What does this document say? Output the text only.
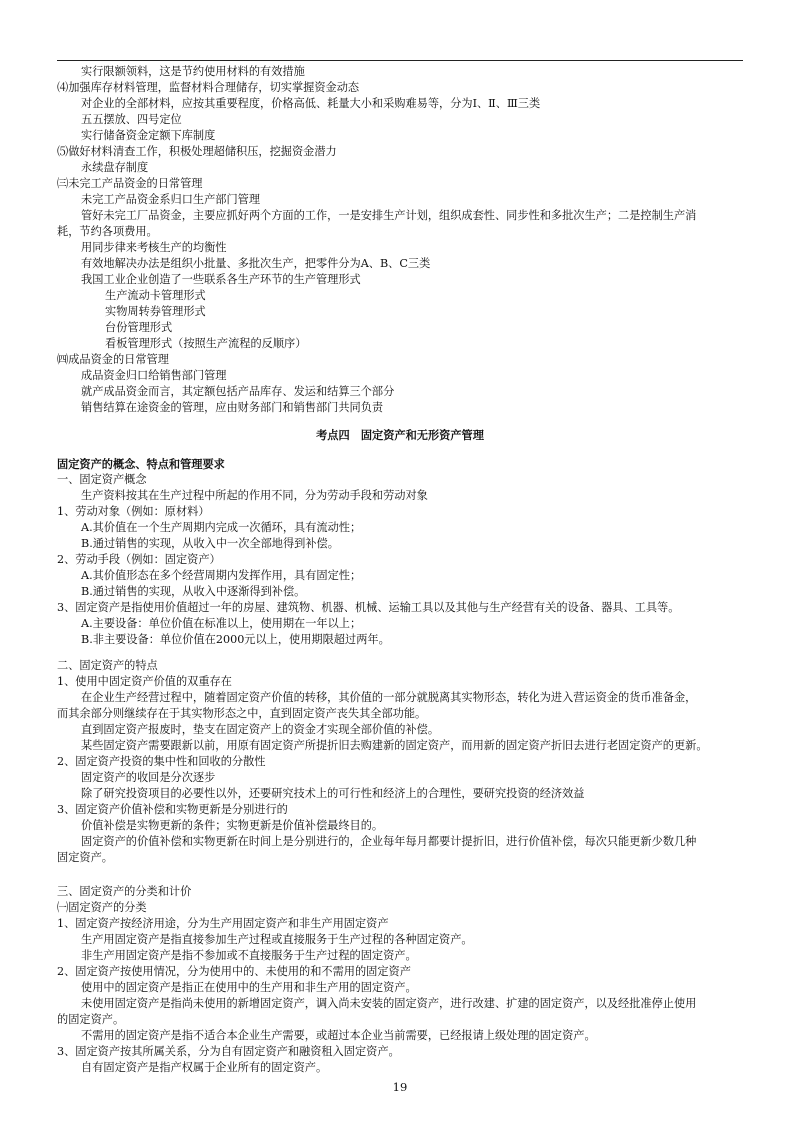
实行限额领料，这是节约使用材料的有效措施
⑷加强库存材料管理，监督材料合理储存，切实掌握资金动态
对企业的全部材料，应按其重要程度，价格高低、耗量大小和采购难易等，分为Ⅰ、Ⅱ、Ⅲ三类
五五摆放、四号定位
实行储备资金定额下库制度
⑸做好材料清查工作，积极处理超储积压，挖掘资金潜力
永续盘存制度
㈢未完工产品资金的日常管理
未完工产品资金系归口生产部门管理
管好未完工厂品资金，主要应抓好两个方面的工作，一是安排生产计划，组织成套性、同步性和多批次生产；二是控制生产消
耗，节约各项费用。
用同步律来考核生产的均衡性
有效地解决办法是组织小批量、多批次生产，把零件分为A、B、C三类
我国工业企业创造了一些联系各生产环节的生产管理形式
生产流动卡管理形式
实物周转券管理形式
台份管理形式
看板管理形式（按照生产流程的反顺序）
㈣成品资金的日常管理
成品资金归口给销售部门管理
就产成品资金而言，其定额包括产品库存、发运和结算三个部分
销售结算在途资金的管理，应由财务部门和销售部门共同负责
考点四　固定资产和无形资产管理
固定资产的概念、特点和管理要求
一、固定资产概念
生产资料按其在生产过程中所起的作用不同，分为劳动手段和劳动对象
1、劳动对象（例如：原材料）
A.其价值在一个生产周期内完成一次循环，具有流动性；
B.通过销售的实现，从收入中一次全部地得到补偿。
2、劳动手段（例如：固定资产）
A.其价值形态在多个经营周期内发挥作用，具有固定性；
B.通过销售的实现，从收入中逐渐得到补偿。
3、固定资产是指使用价值超过一年的房屋、建筑物、机器、机械、运输工具以及其他与生产经营有关的设备、器具、工具等。
A.主要设备：单位价值在标准以上，使用期在一年以上；
B.非主要设备：单位价值在2000元以上，使用期限超过两年。
二、固定资产的特点
1、使用中固定资产价值的双重存在
在企业生产经营过程中，随着固定资产价值的转移，其价值的一部分就脱离其实物形态，转化为进入营运资金的货币准备金，
而其余部分则继续存在于其实物形态之中，直到固定资产丧失其全部功能。
直到固定资产报废时，垫支在固定资产上的资金才实现全部价值的补偿。
某些固定资产需要跟新以前，用原有固定资产所提折旧去购建新的固定资产，而用新的固定资产折旧去进行老固定资产的更新。
2、固定资产投资的集中性和回收的分散性
固定资产的收回是分次逐步
除了研究投资项目的必要性以外，还要研究技术上的可行性和经济上的合理性，要研究投资的经济效益
3、固定资产价值补偿和实物更新是分别进行的
价值补偿是实物更新的条件；实物更新是价值补偿最终目的。
固定资产的价值补偿和实物更新在时间上是分别进行的，企业每年每月都要计提折旧，进行价值补偿，每次只能更新少数几种
固定资产。
三、固定资产的分类和计价
㈠固定资产的分类
1、固定资产按经济用途，分为生产用固定资产和非生产用固定资产
生产用固定资产是指直接参加生产过程或直接服务于生产过程的各种固定资产。
非生产用固定资产是指不参加或不直接服务于生产过程的固定资产。
2、固定资产按使用情况，分为使用中的、未使用的和不需用的固定资产
使用中的固定资产是指正在使用中的生产用和非生产用的固定资产。
未使用固定资产是指尚未使用的新增固定资产，调入尚未安装的固定资产，进行改建、扩建的固定资产，以及经批准停止使用
的固定资产。
不需用的固定资产是指不适合本企业生产需要，或超过本企业当前需要，已经报请上级处理的固定资产。
3、固定资产按其所属关系，分为自有固定资产和融资租入固定资产。
自有固定资产是指产权属于企业所有的固定资产。
19
